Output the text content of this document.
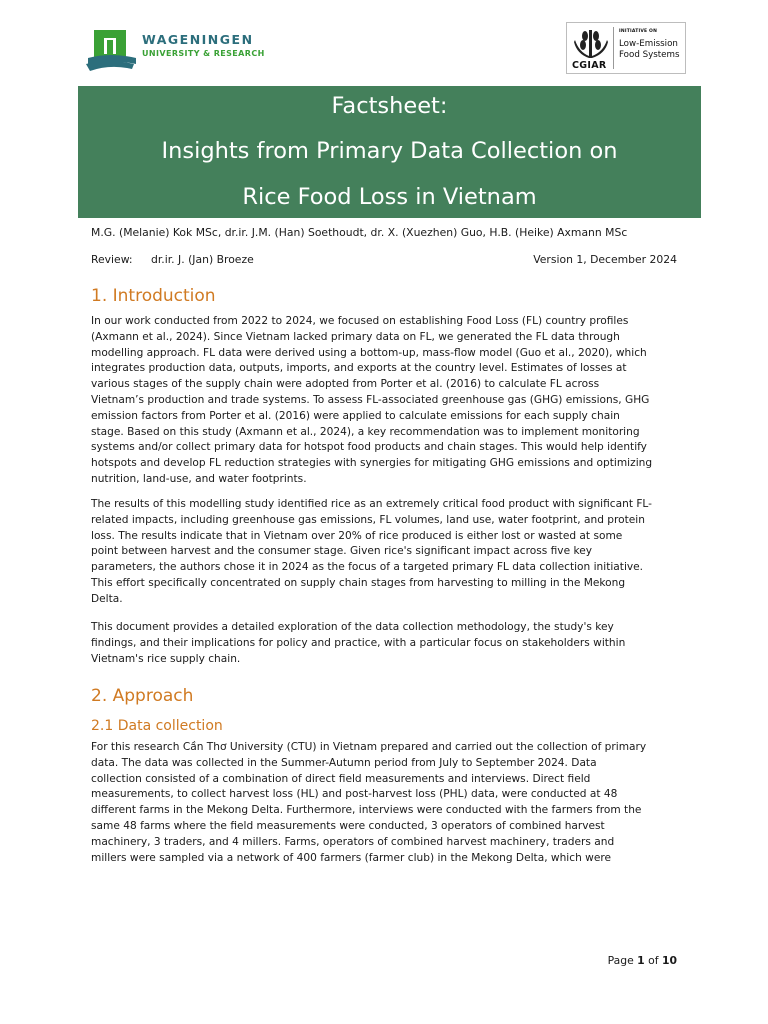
WAGENINGEN
UNIVERSITY & RESEARCH
CGIAR
INITIATIVE ON
Low-Emission Food Systems
Factsheet:
Insights from Primary Data Collection on
Rice Food Loss in Vietnam
M.G. (Melanie) Kok MSc, dr.ir. J.M. (Han) Soethoudt, dr. X. (Xuezhen) Guo, H.B. (Heike) Axmann MSc
Review: dr.ir. J. (Jan) Broeze	Version 1, December 2024
1. Introduction
In our work conducted from 2022 to 2024, we focused on establishing Food Loss (FL) country profiles
(Axmann et al., 2024). Since Vietnam lacked primary data on FL, we generated the FL data through
modelling approach. FL data were derived using a bottom-up, mass-flow model (Guo et al., 2020), which
integrates production data, outputs, imports, and exports at the country level. Estimates of losses at
various stages of the supply chain were adopted from Porter et al. (2016) to calculate FL across
Vietnam’s production and trade systems. To assess FL-associated greenhouse gas (GHG) emissions, GHG
emission factors from Porter et al. (2016) were applied to calculate emissions for each supply chain
stage. Based on this study (Axmann et al., 2024), a key recommendation was to implement monitoring
systems and/or collect primary data for hotspot food products and chain stages. This would help identify
hotspots and develop FL reduction strategies with synergies for mitigating GHG emissions and optimizing
nutrition, land-use, and water footprints.
The results of this modelling study identified rice as an extremely critical food product with significant FL-
related impacts, including greenhouse gas emissions, FL volumes, land use, water footprint, and protein
loss. The results indicate that in Vietnam over 20% of rice produced is either lost or wasted at some
point between harvest and the consumer stage. Given rice's significant impact across five key
parameters, the authors chose it in 2024 as the focus of a targeted primary FL data collection initiative.
This effort specifically concentrated on supply chain stages from harvesting to milling in the Mekong
Delta.
This document provides a detailed exploration of the data collection methodology, the study's key
findings, and their implications for policy and practice, with a particular focus on stakeholders within
Vietnam's rice supply chain.
2. Approach
2.1 Data collection
For this research Cần Thơ University (CTU) in Vietnam prepared and carried out the collection of primary
data. The data was collected in the Summer-Autumn period from July to September 2024. Data
collection consisted of a combination of direct field measurements and interviews. Direct field
measurements, to collect harvest loss (HL) and post-harvest loss (PHL) data, were conducted at 48
different farms in the Mekong Delta. Furthermore, interviews were conducted with the farmers from the
same 48 farms where the field measurements were conducted, 3 operators of combined harvest
machinery, 3 traders, and 4 millers. Farms, operators of combined harvest machinery, traders and
millers were sampled via a network of 400 farmers (farmer club) in the Mekong Delta, which were
Page 1 of 10
